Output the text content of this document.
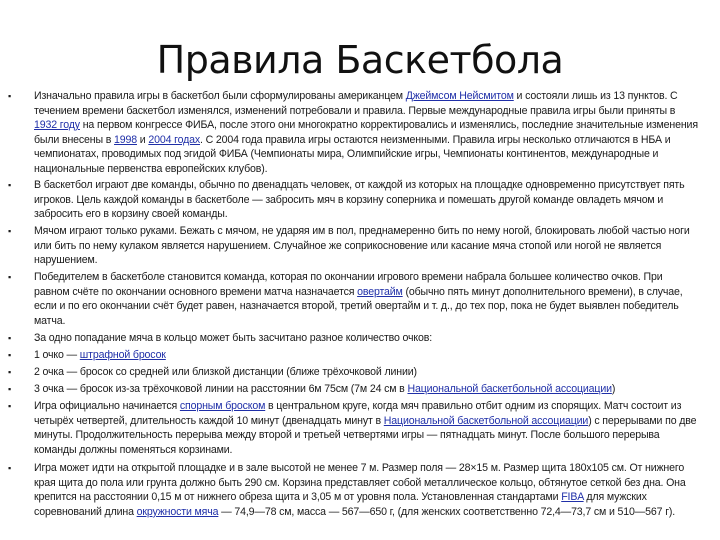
Правила Баскетбола
▪ Изначально правила игры в баскетбол были сформулированы американцем Джеймсом Нейсмитом и состояли лишь из 13 пунктов. С течением времени баскетбол изменялся, изменений потребовали и правила. Первые международные правила игры были приняты в 1932 году на первом конгрессе ФИБА, после этого они многократно корректировались и изменялись, последние значительные изменения были внесены в 1998 и 2004 годах. С 2004 года правила игры остаются неизменными. Правила игры несколько отличаются в НБА и чемпионатах, проводимых под эгидой ФИБА (Чемпионаты мира, Олимпийские игры, Чемпионаты континентов, международные и национальные первенства европейских клубов).
▪ В баскетбол играют две команды, обычно по двенадцать человек, от каждой из которых на площадке одновременно присутствует пять игроков. Цель каждой команды в баскетболе — забросить мяч в корзину соперника и помешать другой команде овладеть мячом и забросить его в корзину своей команды.
▪ Мячом играют только руками. Бежать с мячом, не ударяя им в пол, преднамеренно бить по нему ногой, блокировать любой частью ноги или бить по нему кулаком является нарушением. Случайное же соприкосновение или касание мяча стопой или ногой не является нарушением.
▪ Победителем в баскетболе становится команда, которая по окончании игрового времени набрала большее количество очков. При равном счёте по окончании основного времени матча назначается овертайм (обычно пять минут дополнительного времени), в случае, если и по его окончании счёт будет равен, назначается второй, третий овертайм и т. д., до тех пор, пока не будет выявлен победитель матча.
▪ За одно попадание мяча в кольцо может быть засчитано разное количество очков:
▪ 1 очко — штрафной бросок
▪ 2 очка — бросок со средней или близкой дистанции (ближе трёхочковой линии)
▪ 3 очка — бросок из-за трёхочковой линии на расстоянии 6м 75см (7м 24 см в Национальной баскетбольной ассоциации)
▪ Игра официально начинается спорным броском в центральном круге, когда мяч правильно отбит одним из спорящих. Матч состоит из четырёх четвертей, длительность каждой 10 минут (двенадцать минут в Национальной баскетбольной ассоциации) с перерывами по две минуты. Продолжительность перерыва между второй и третьей четвертями игры — пятнадцать минут. После большого перерыва команды должны поменяться корзинами.
▪ Игра может идти на открытой площадке и в зале высотой не менее 7 м. Размер поля — 28×15 м. Размер щита 180х105 см. От нижнего края щита до пола или грунта должно быть 290 см. Корзина представляет собой металлическое кольцо, обтянутое сеткой без дна. Она крепится на расстоянии 0,15 м от нижнего обреза щита и 3,05 м от уровня пола. Установленная стандартами FIBA для мужских соревнований длина окружности мяча — 74,9—78 см, масса — 567—650 г, (для женских соответственно 72,4—73,7 см и 510—567 г).
